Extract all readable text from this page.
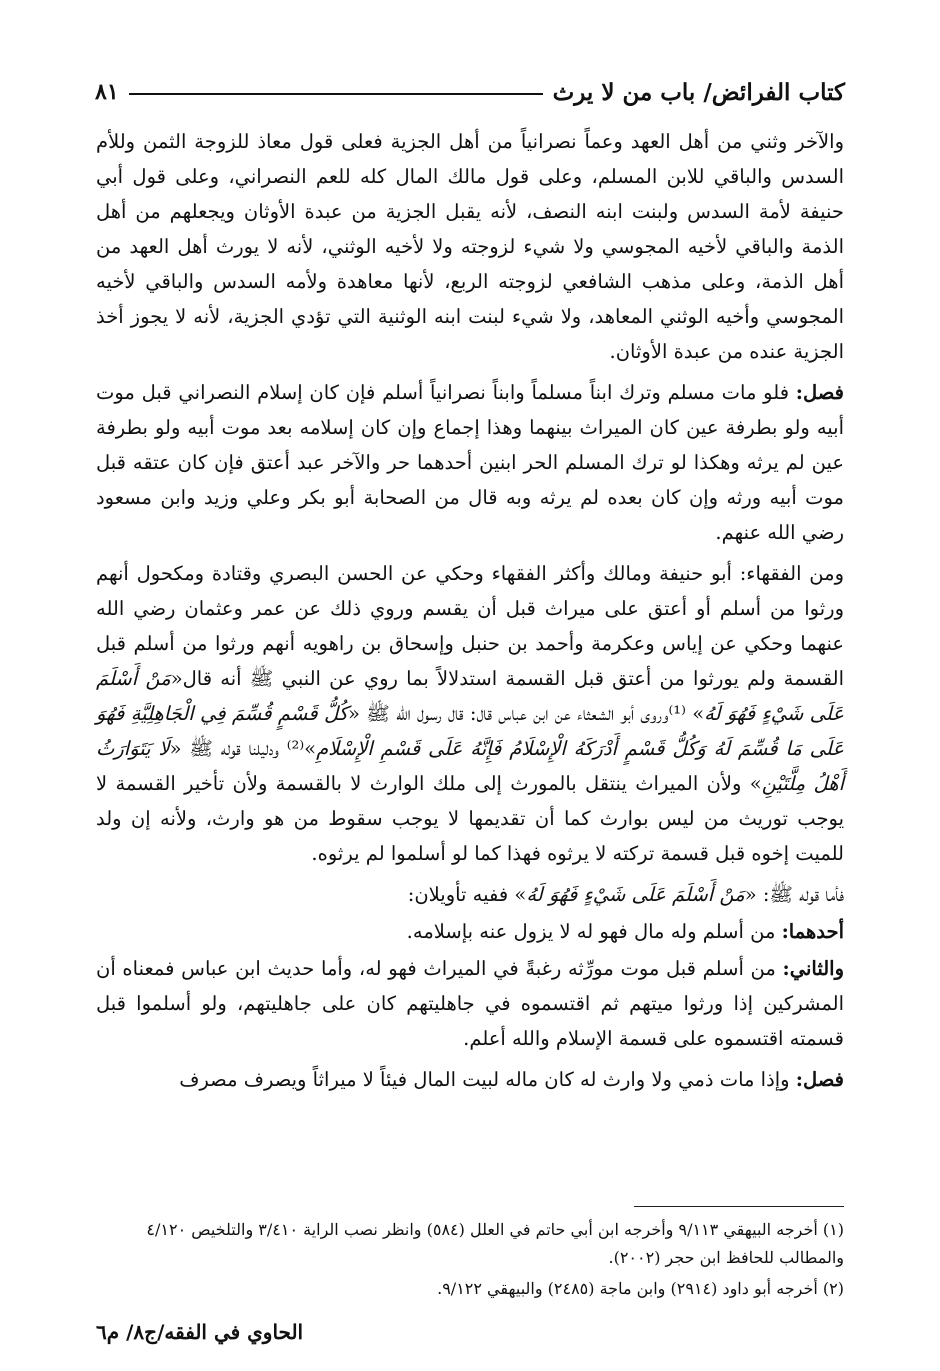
كتاب الفرائض/ باب من لا يرث
٨١

والآخر وثني من أهل العهد وعماً نصرانياً من أهل الجزية فعلى قول معاذ للزوجة الثمن وللأم السدس والباقي للابن المسلم، وعلى قول مالك المال كله للعم النصراني، وعلى قول أبي حنيفة لأمة السدس ولبنت ابنه النصف، لأنه يقبل الجزية من عبدة الأوثان ويجعلهم من أهل الذمة والباقي لأخيه المجوسي ولا شيء لزوجته ولا لأخيه الوثني، لأنه لا يورث أهل العهد من أهل الذمة، وعلى مذهب الشافعي لزوجته الربع، لأنها معاهدة ولأمه السدس والباقي لأخيه المجوسي وأخيه الوثني المعاهد، ولا شيء لبنت ابنه الوثنية التي تؤدي الجزية، لأنه لا يجوز أخذ الجزية عنده من عبدة الأوثان.

فصل: فلو مات مسلم وترك ابناً مسلماً وابناً نصرانياً أسلم فإن كان إسلام النصراني قبل موت أبيه ولو بطرفة عين كان الميراث بينهما وهذا إجماع وإن كان إسلامه بعد موت أبيه ولو بطرفة عين لم يرثه وهكذا لو ترك المسلم الحر ابنين أحدهما حر والآخر عبد أعتق فإن كان عتقه قبل موت أبيه ورثه وإن كان بعده لم يرثه وبه قال من الصحابة أبو بكر وعلي وزيد وابن مسعود رضي الله عنهم.

ومن الفقهاء: أبو حنيفة ومالك وأكثر الفقهاء وحكي عن الحسن البصري وقتادة ومكحول أنهم ورثوا من أسلم أو أعتق على ميراث قبل أن يقسم وروي ذلك عن عمر وعثمان رضي الله عنهما وحكي عن إياس وعكرمة وأحمد بن حنبل وإسحاق بن راهويه أنهم ورثوا من أسلم قبل القسمة ولم يورثوا من أعتق قبل القسمة استدلالاً بما روي عن النبي ﷺ أنه قال«مَنْ أَسْلَمَ عَلَى شَيْءٍ فَهُوَ لَهُ» ⁽¹⁾وروى أبو الشعثاء عن ابن عباس قال: قال رسول الله ﷺ «كُلُّ قَسْمٍ قُسِّمَ فِي الْجَاهِلِيَّةِ فَهُوَ عَلَى مَا قُسِّمَ لَهُ وَكُلُّ قَسْمٍ أَدْرَكَهُ الْإِسْلَامُ فَإِنَّهُ عَلَى قَسْمِ الْإِسْلَامِ»⁽²⁾ ودليلنا قوله ﷺ «لَا يَتَوَارَثُ أَهْلُ مِلَّتَيْنِ» ولأن الميراث ينتقل بالمورث إلى ملك الوارث لا بالقسمة ولأن تأخير القسمة لا يوجب توريث من ليس بوارث كما أن تقديمها لا يوجب سقوط من هو وارث، ولأنه إن ولد للميت إخوه قبل قسمة تركته لا يرثوه فهذا كما لو أسلموا لم يرثوه.

فأما قوله ﷺ: «مَنْ أَسْلَمَ عَلَى شَيْءٍ فَهُوَ لَهُ» ففيه تأويلان:

أحدهما: من أسلم وله مال فهو له لا يزول عنه بإسلامه.

والثاني: من أسلم قبل موت مورِّثه رغبةً في الميراث فهو له، وأما حديث ابن عباس فمعناه أن المشركين إذا ورثوا ميتهم ثم اقتسموه في جاهليتهم كان على جاهليتهم، ولو أسلموا قبل قسمته اقتسموه على قسمة الإسلام والله أعلم.

فصل: وإذا مات ذمي ولا وارث له كان ماله لبيت المال فيئاً لا ميراثاً ويصرف مصرف

(١) أخرجه البيهقي ٩/١١٣ وأخرجه ابن أبي حاتم في العلل (٥٨٤) وانظر نصب الراية ٣/٤١٠ والتلخيص ٤/١٢٠ والمطالب للحافظ ابن حجر (٢٠٠٢).

(٢) أخرجه أبو داود (٢٩١٤) وابن ماجة (٢٤٨٥) والبيهقي ٩/١٢٢.

الحاوي في الفقه/ج٨/ م٦
